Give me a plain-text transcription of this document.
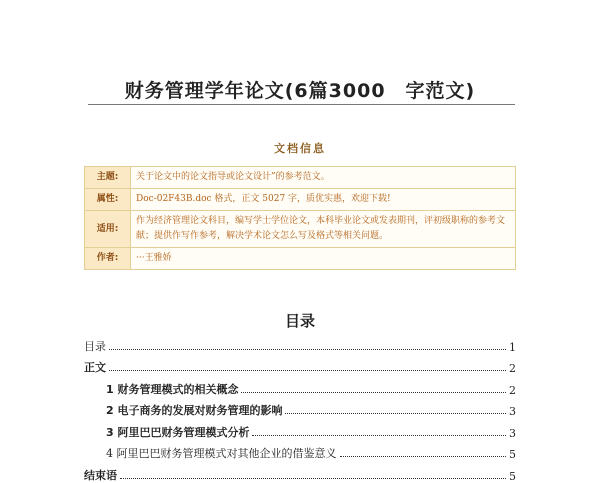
财务管理学年论文(6篇3000　字范文)
文档信息
主题:	关于论文中的论文指导或论文设计”的参考范文。
属性:	Doc-02F43B.doc 格式，正文 5027 字，质优实惠，欢迎下载!
适用:	作为经济管理论文科目，编写学士学位论文，本科毕业论文或发表期刊，评初级职称的参考文献；提供作写作参考，解决学术论文怎么写及格式等相关问题。
作者:	···王雅娇
目录
目录	1
正文	2
1 财务管理模式的相关概念	2
2 电子商务的发展对财务管理的影响	3
3 阿里巴巴财务管理模式分析	3
4 阿里巴巴财务管理模式对其他企业的借鉴意义	5
结束语	5
